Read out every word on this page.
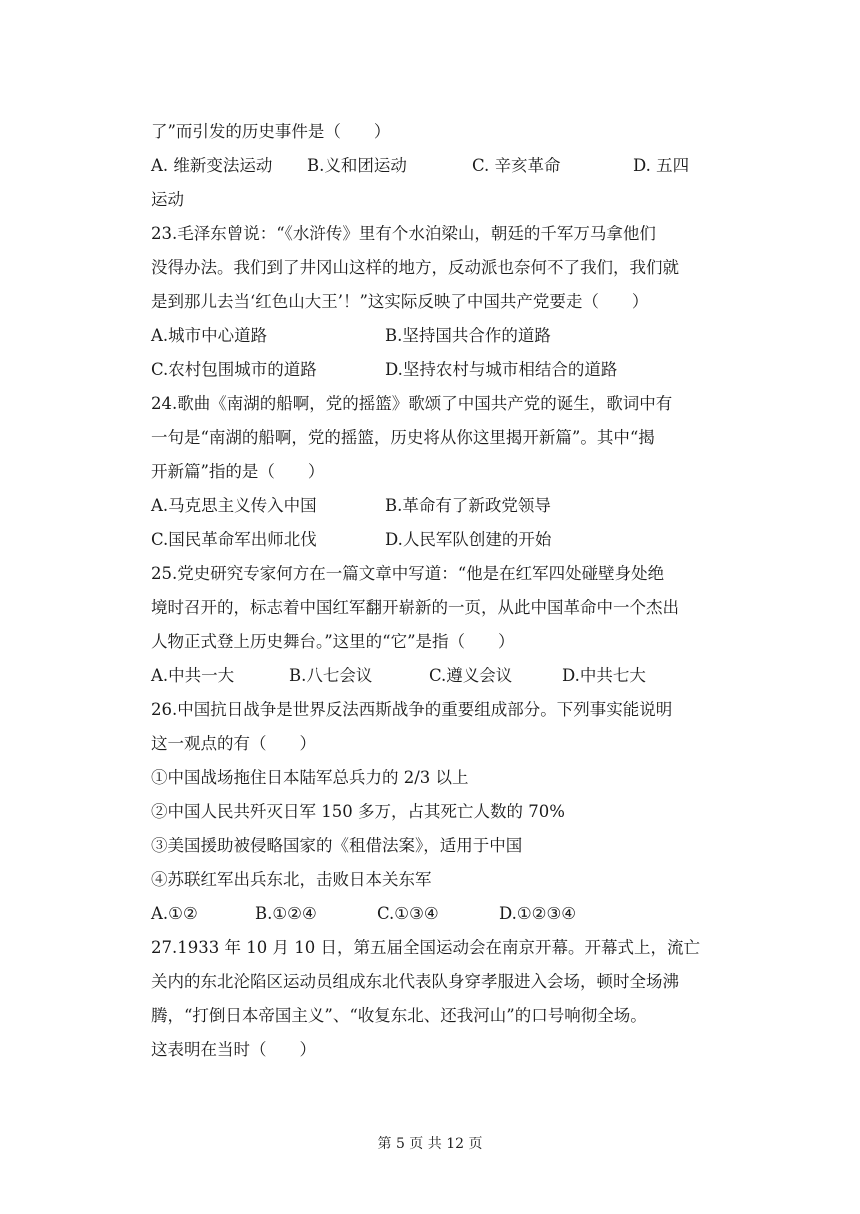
了”而引发的历史事件是（　　）
A. 维新变法运动 B.义和团运动	C. 辛亥革命	D. 五四
运动
23.毛泽东曾说：“《水浒传》里有个水泊梁山，朝廷的千军万马拿他们
没得办法。我们到了井冈山这样的地方，反动派也奈何不了我们，我们就
是到那儿去当‘红色山大王’！”这实际反映了中国共产党要走（　　）
A.城市中心道路	B.坚持国共合作的道路
C.农村包围城市的道路	D.坚持农村与城市相结合的道路
24.歌曲《南湖的船啊，党的摇篮》歌颂了中国共产党的诞生，歌词中有
一句是“南湖的船啊，党的摇篮，历史将从你这里揭开新篇”。其中“揭
开新篇”指的是（　　）
A.马克思主义传入中国	B.革命有了新政党领导
C.国民革命军出师北伐	D.人民军队创建的开始
25.党史研究专家何方在一篇文章中写道：“他是在红军四处碰壁身处绝
境时召开的，标志着中国红军翻开崭新的一页，从此中国革命中一个杰出
人物正式登上历史舞台。”这里的“它”是指（　　）
A.中共一大	B.八七会议	C.遵义会议	D.中共七大
26.中国抗日战争是世界反法西斯战争的重要组成部分。下列事实能说明
这一观点的有（　　）
①中国战场拖住日本陆军总兵力的 2/3 以上
②中国人民共歼灭日军 150 多万，占其死亡人数的 70%
③美国援助被侵略国家的《租借法案》，适用于中国
④苏联红军出兵东北，击败日本关东军
A.①②	B.①②④	C.①③④	D.①②③④
27.1933 年 10 月 10 日，第五届全国运动会在南京开幕。开幕式上，流亡
关内的东北沦陷区运动员组成东北代表队身穿孝服进入会场，顿时全场沸
腾，“打倒日本帝国主义”、“收复东北、还我河山”的口号响彻全场。
这表明在当时（　　）
第 5 页 共 12 页
